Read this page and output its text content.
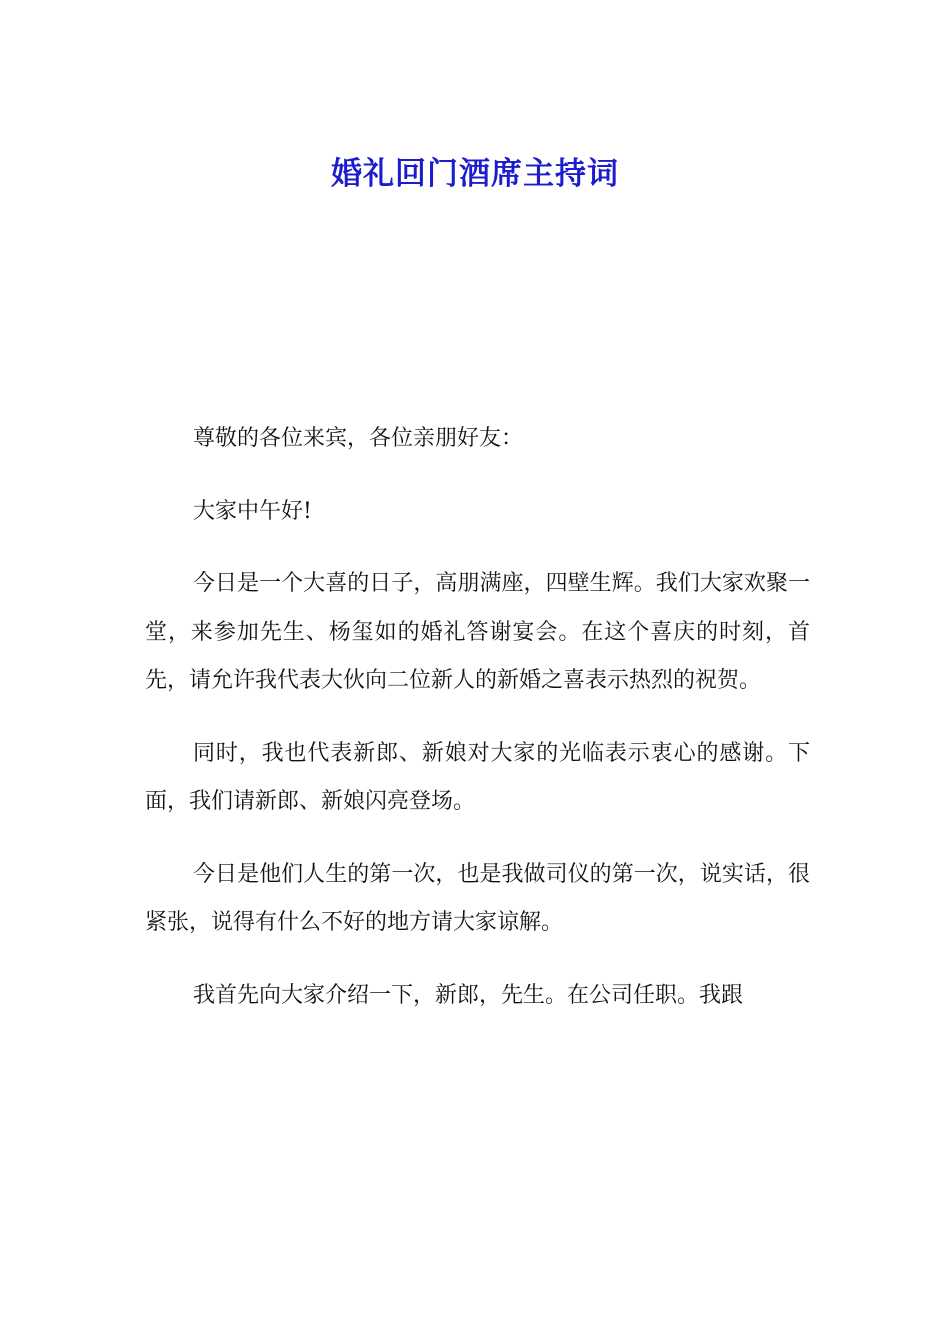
婚礼回门酒席主持词

尊敬的各位来宾，各位亲朋好友：

大家中午好!

今日是一个大喜的日子，高朋满座，四壁生辉。我们大家欢聚一堂，来参加先生、杨玺如的婚礼答谢宴会。在这个喜庆的时刻，首先，请允许我代表大伙向二位新人的新婚之喜表示热烈的祝贺。

同时，我也代表新郎、新娘对大家的光临表示衷心的感谢。下面，我们请新郎、新娘闪亮登场。

今日是他们人生的第一次，也是我做司仪的第一次，说实话，很紧张，说得有什么不好的地方请大家谅解。

我首先向大家介绍一下，新郎，先生。在公司任职。我跟
